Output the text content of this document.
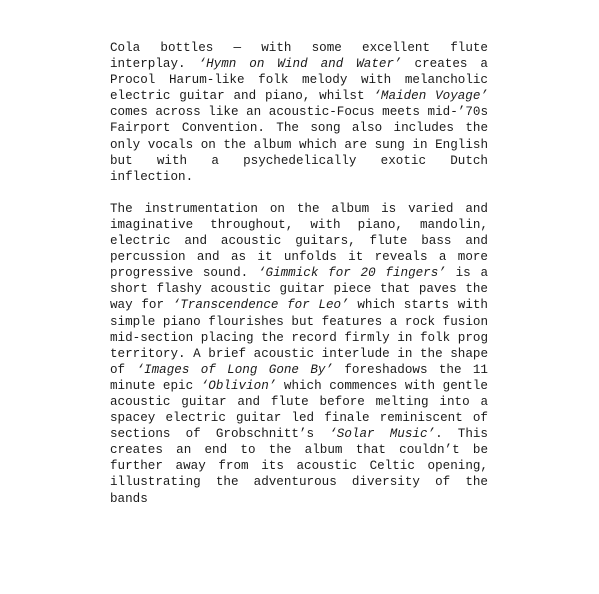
Cola bottles — with some excellent flute interplay. ‘Hymn on Wind and Water’ creates a Procol Harum-like folk melody with melancholic electric guitar and piano, whilst ‘Maiden Voyage’ comes across like an acoustic-Focus meets mid-’70s Fairport Convention. The song also includes the only vocals on the album which are sung in English but with a psychedelically exotic Dutch inflection.

The instrumentation on the album is varied and imaginative throughout, with piano, mandolin, electric and acoustic guitars, flute bass and percussion and as it unfolds it reveals a more progressive sound. ‘Gimmick for 20 fingers’ is a short flashy acoustic guitar piece that paves the way for ‘Transcendence for Leo’ which starts with simple piano flourishes but features a rock fusion mid-section placing the record firmly in folk prog territory. A brief acoustic interlude in the shape of ‘Images of Long Gone By’ foreshadows the 11 minute epic ‘Oblivion’ which commences with gentle acoustic guitar and flute before melting into a spacey electric guitar led finale reminiscent of sections of Grobschnitt’s ‘Solar Music’. This creates an end to the album that couldn’t be further away from its acoustic Celtic opening, illustrating the adventurous diversity of the bands
